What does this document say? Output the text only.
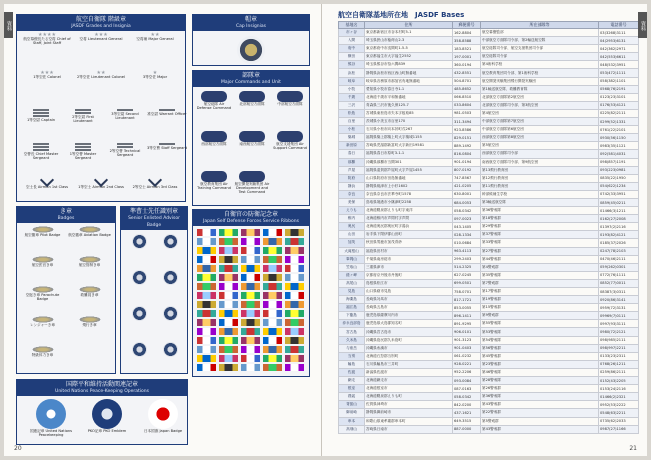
資料
航空自衛隊 階級章
JASDF Grades and Insignia
★★★★
航空幕僚長たる空将 Chief of Staff, Joint Staff
★★★
空将 Lieutenant General
★★
空将補 Major General
★★★
1等空佐 Colonel
★★
2等空佐 Lieutenant Colonel
★
3等空佐 Major
1等空尉 Captain
2等空尉 First Lieutenant
3等空尉 Second Lieutenant
准空尉 Warrant Officer
空曹長 Chief Master Sergeant
1等空曹 Master Sergeant
2等空曹 Technical Sergeant
3等空曹 Staff Sergeant
空士長 Airman 1st Class	1等空士 Airman 2nd Class	2等空士 Airman 3rd Class
帽章
Cap Insignias
部隊章
Major Commands and Unit
航空総隊 Air Defense Command
北部航空方面隊	中部航空方面隊
西部航空方面隊	南西航空方面隊	航空支援集団 Air Support Command
航空教育集団 Air Training Command
航空開発実験集団 Air Development and Test Command
自衛官の防衛記念章
Japan Self Defense Forces Service Ribbons
き章
Badges
航空徽章 Pilot Badge	航空徽章 Aviation Badge
航空医官き章	航空管制き章
空挺き章 Parachute Badge
救難員き章
レンジャーき章	飛行き章
特級体力き章
準曹士先任識別章
Senior Enlisted Advisor Badge
国際平和維持活動関連記章
United Nations Peace-Keeping Operations
国連記章 United Nations Peacekeeping
PKO記章 PKO Emblem	日本国旗 Japan Badge
20
航空自衛隊基地所在地　JASDF Bases
基地名	住所	郵便番号	所在部隊等	電話番号
市ヶ谷	東京都新宿区市谷本村町5-1	162-8804	航空幕僚監部	03(3268)3111
入間	埼玉県狭山市稲荷山2-3	358-8588	中部航空方面隊司令部、第2輸送航空隊	04(2953)6131
府中	東京都府中市浅間町1-5-5	183-8521	航空総隊司令部、航空支援集団司令部	042(362)2971
横田	東京都福生市大字福生2552	197-0001	航空総隊司令部	042(553)6611
熊谷	埼玉県熊谷市拾六間839	360-0194	第4術科学校	048(532)3951
浜松	静岡県浜松市西区西山町無番地	432-8551	航空教育集団司令部、第1術科学校	053(472)1111
岐阜	岐阜県各務原市那加官有地無番地	504-8701	航空開発実験集団飛行開発実験団	058(382)1101
小牧	愛知県小牧市春日寺1-1	485-8652	第1輸送航空隊、救難教育隊	0568(76)2191
千歳	北海道千歳市平和無番地	066-8510	北部航空方面隊第2航空団	0123(23)3101
三沢	青森県三沢市後久保125-7	033-8604	北部航空方面隊司令部、第3航空団	0176(53)4121
松島	宮城県東松島市矢本字板取85	981-0503	第4航空団	0225(82)2111
百里	茨城県小美玉市百里170	311-3494	中部航空方面隊第7航空団	0299(52)1331
小松	石川県小松市向本折町戊267	923-8586	中部航空方面隊第6航空団	0761(22)2101
築城	福岡県築上郡築上町大字築城1155	829-0151	西部航空方面隊第8航空団	0930(56)1150
新田原	宮崎県児湯郡新富町大字新田19581	889-1492	第5航空団	0983(35)1121
春日	福岡県春日市原町3-1-1	816-0804	西部航空方面隊司令部	092(581)4031
那覇	沖縄県那覇市当間301	901-0194	南西航空方面隊司令部、第9航空団	098(857)1191
芦屋	福岡県遠賀郡芦屋町大字芦屋1455	807-0192	第13飛行教育団	093(223)0981
防府	山口県防府市田島無番地	747-8567	第12飛行教育団	0835(22)1950
静浜	静岡県焼津市上小杉1602	421-0205	第11飛行教育団	054(622)1234
奈良	奈良県奈良市法華寺町1578	630-8001	幹部候補生学校	0742(33)3951
美保	鳥取県境港市小篠津町2258	684-0053	第3輸送航空隊	0859(45)0211
えりも	北海道幌泉郡えりも町字東洋	058-0342	第36警戒隊	01466(3)1211
稚内	北海道稚内市声問村字声問	097-0023	第18警戒群	0162(27)2008
奥尻	北海道奥尻郡奥尻町字湯浜	043-1405	第29警戒群	01397(2)2116
山田	岩手県下閉伊郡山田町	028-1334	第37警戒隊	0193(82)4121
加茂	秋田県男鹿市加茂青砂	010-0684	第33警戒隊	0185(37)2026
大滝根山	福島県田村市	963-4113	第27警戒群	0247(78)2103
峯岡山	千葉県南房総市	299-2403	第44警戒群	0470(46)2111
笠取山	三重県津市	514-2325	第4警戒群	059(262)0301
経ヶ岬	京都府京丹後市丹後町	627-0245	第35警戒隊	0772(76)1111
高尾山	島根県松江市	699-0501	第7警戒群	0852(77)0011
見島	山口県萩市見島	758-0701	第17警戒群	08387(3)0311
海栗島	長崎県対馬市	817-1721	第19警戒群	0920(86)3141
福江島	長崎県五島市	853-0055	第15警戒群	0959(72)3131
下甑島	鹿児島県薩摩川内市	896-1411	第9警戒群	09969(7)0111
沖永良部島	鹿児島県大島郡知名町	891-9295	第55警戒隊	0997(93)3111
宮古島	沖縄県宮古島市	906-0101	第53警戒隊	0980(72)2121
久米島	沖縄県島尻郡久米島町	901-3123	第54警戒隊	098(985)2111
与座岳	沖縄県糸満市	901-0403	第56警戒群	098(997)2211
当別	北海道石狩郡当別町	061-0232	第45警戒群	0133(23)2311
輪島	石川県輪島市三井町	928-0221	第23警戒群	0768(26)1211
佐渡	新潟県佐渡市	952-2206	第46警戒隊	0259(86)2111
網走	北海道網走市	093-0084	第28警戒隊	0152(43)2205
根室	北海道根室市	087-0163	第26警戒群	0153(24)2116
襟裳	北海道幌泉郡えりも町	058-0342	第36警戒隊	01466(2)2321
背振山	佐賀県神埼市	842-0200	第43警戒群	0952(53)2222
御前崎	静岡県御前崎市	437-1621	第22警戒群	0548(63)2211
串本	和歌山県東牟婁郡串本町	649-3515	第5警戒群	0735(62)2033
高畑山	宮崎県日南市	887-0000	第43警戒群	0987(27)1166
資料
21
